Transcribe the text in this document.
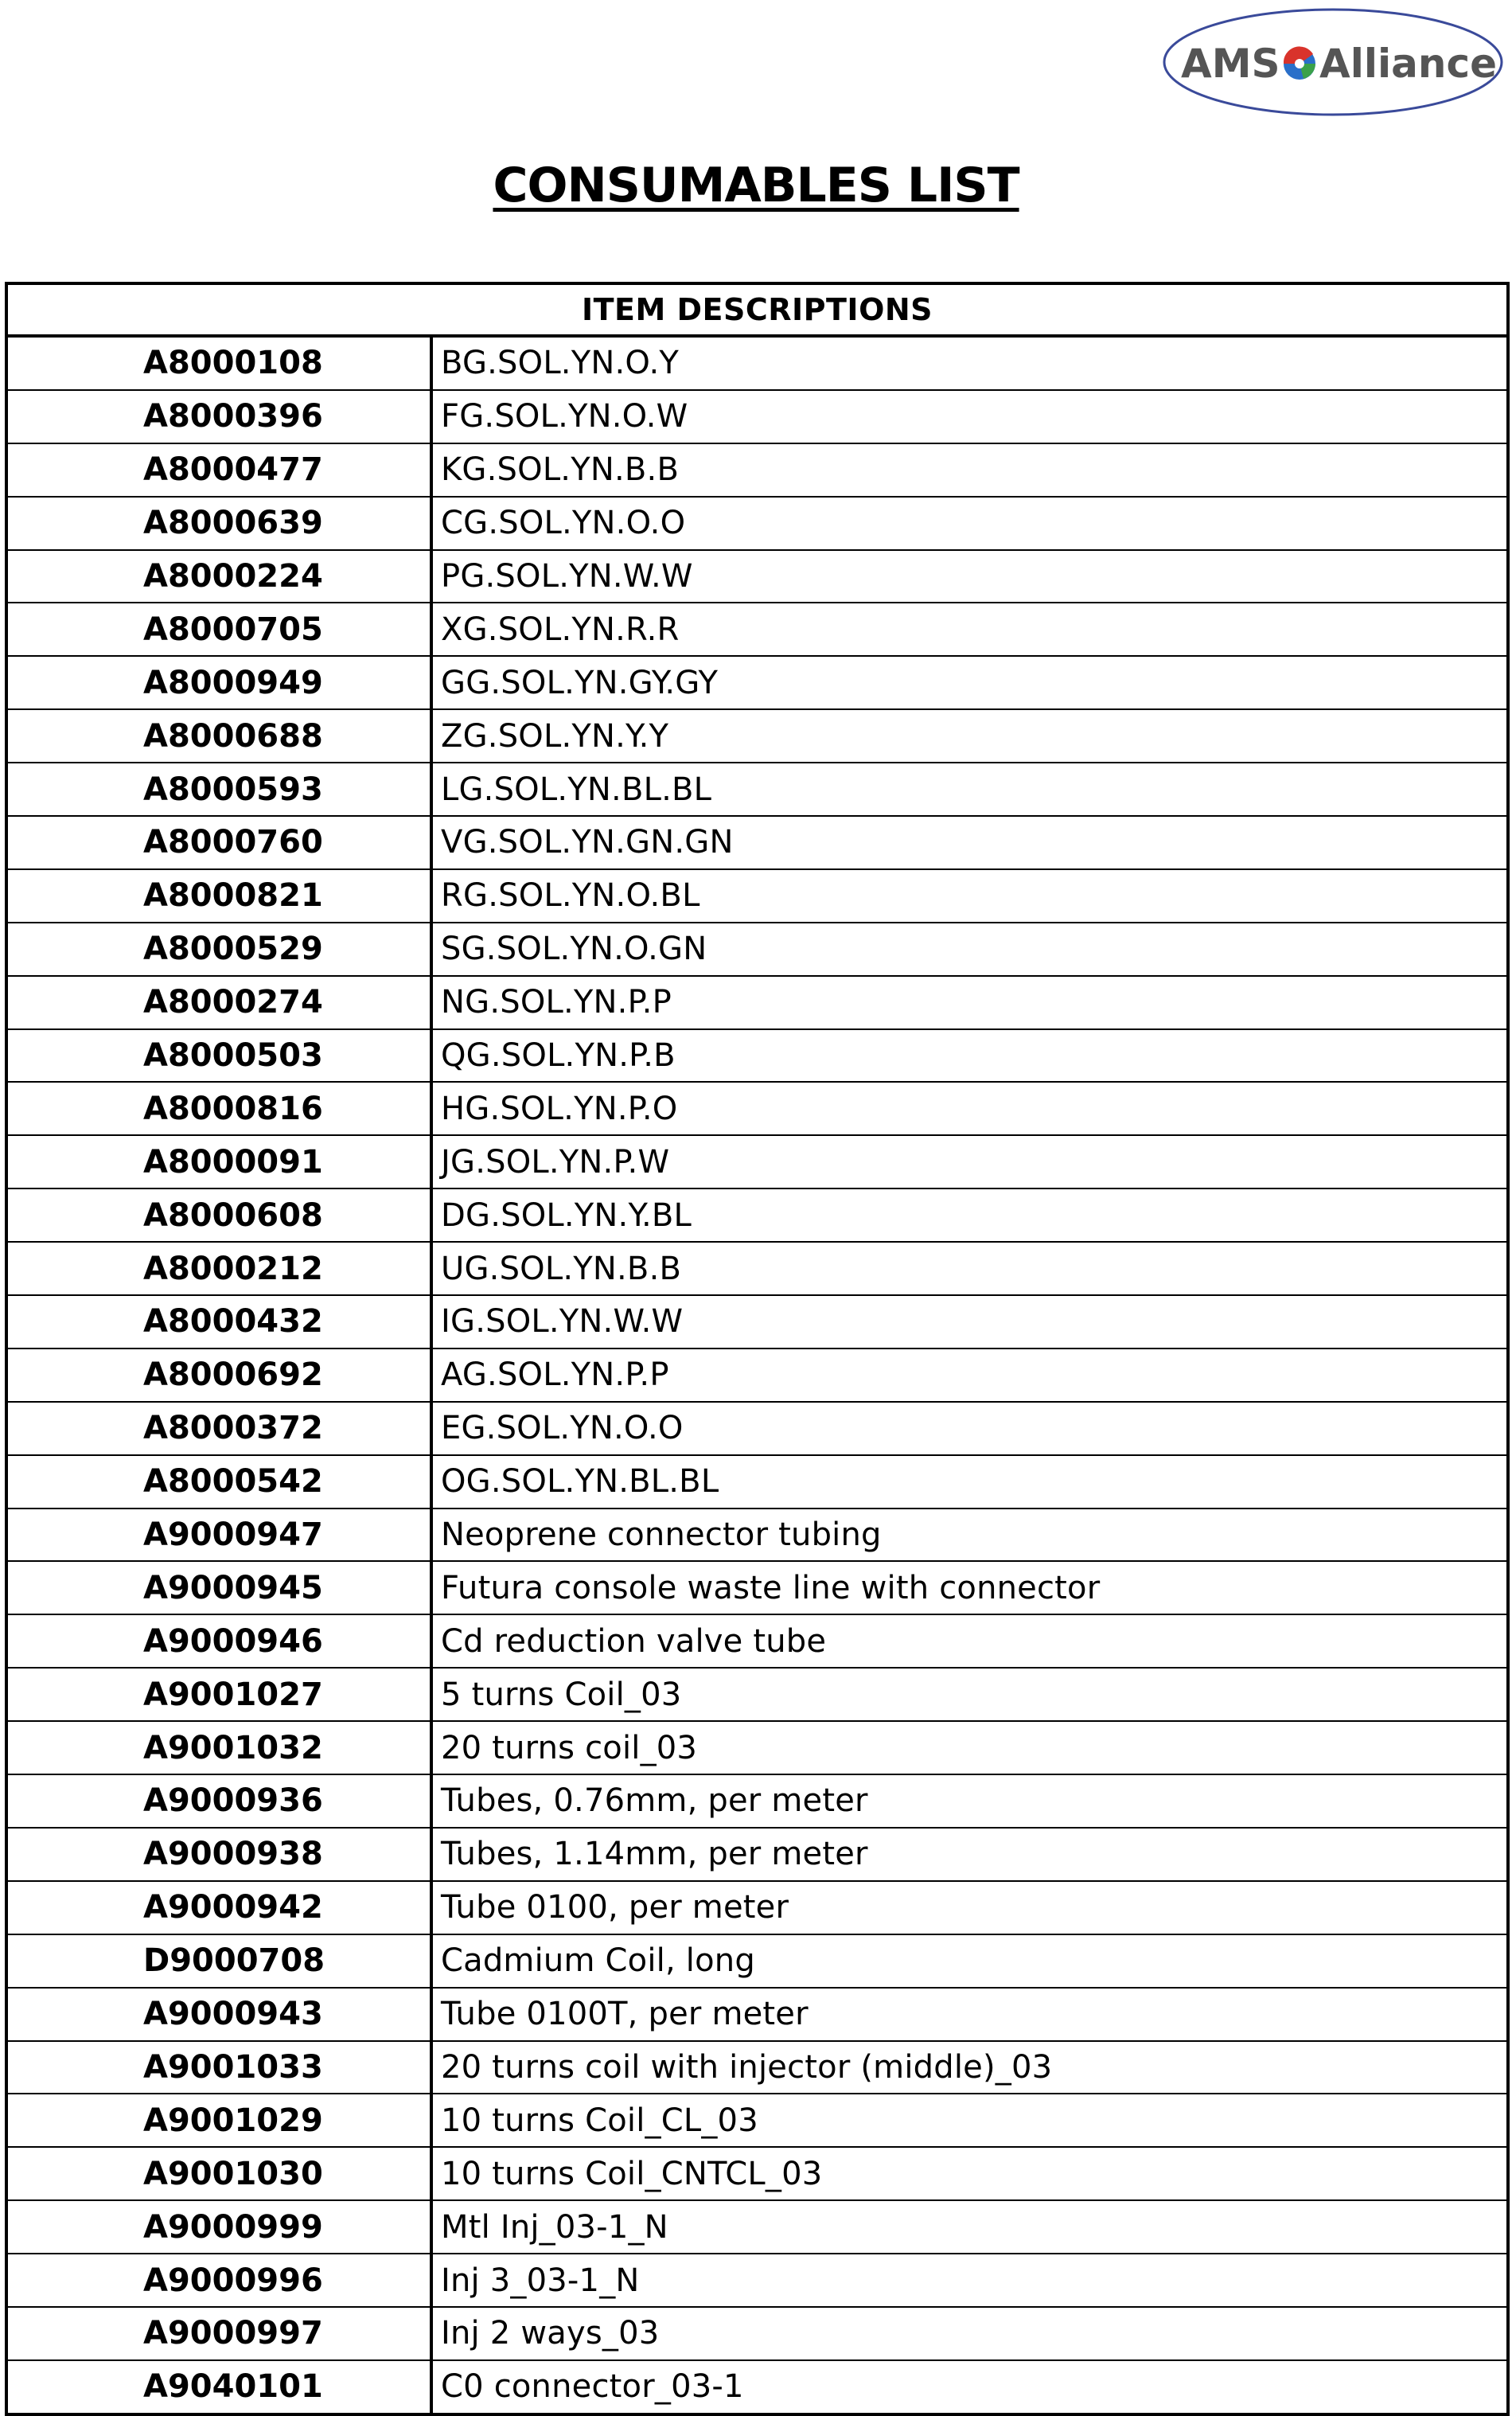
AMS Alliance
CONSUMABLES LIST
ITEM DESCRIPTIONS	
A8000108	BG.SOL.YN.O.Y
A8000396	FG.SOL.YN.O.W
A8000477	KG.SOL.YN.B.B
A8000639	CG.SOL.YN.O.O
A8000224	PG.SOL.YN.W.W
A8000705	XG.SOL.YN.R.R
A8000949	GG.SOL.YN.GY.GY
A8000688	ZG.SOL.YN.Y.Y
A8000593	LG.SOL.YN.BL.BL
A8000760	VG.SOL.YN.GN.GN
A8000821	RG.SOL.YN.O.BL
A8000529	SG.SOL.YN.O.GN
A8000274	NG.SOL.YN.P.P
A8000503	QG.SOL.YN.P.B
A8000816	HG.SOL.YN.P.O
A8000091	JG.SOL.YN.P.W
A8000608	DG.SOL.YN.Y.BL
A8000212	UG.SOL.YN.B.B
A8000432	IG.SOL.YN.W.W
A8000692	AG.SOL.YN.P.P
A8000372	EG.SOL.YN.O.O
A8000542	OG.SOL.YN.BL.BL
A9000947	Neoprene connector tubing
A9000945	Futura console waste line with connector
A9000946	Cd reduction valve tube
A9001027	5 turns Coil_03
A9001032	20 turns coil_03
A9000936	Tubes, 0.76mm, per meter
A9000938	Tubes, 1.14mm, per meter
A9000942	Tube 0100, per meter
D9000708	Cadmium Coil, long
A9000943	Tube 0100T, per meter
A9001033	20 turns coil with injector (middle)_03
A9001029	10 turns Coil_CL_03
A9001030	10 turns Coil_CNTCL_03
A9000999	Mtl Inj_03-1_N
A9000996	Inj 3_03-1_N
A9000997	Inj 2 ways_03
A9040101	C0 connector_03-1
